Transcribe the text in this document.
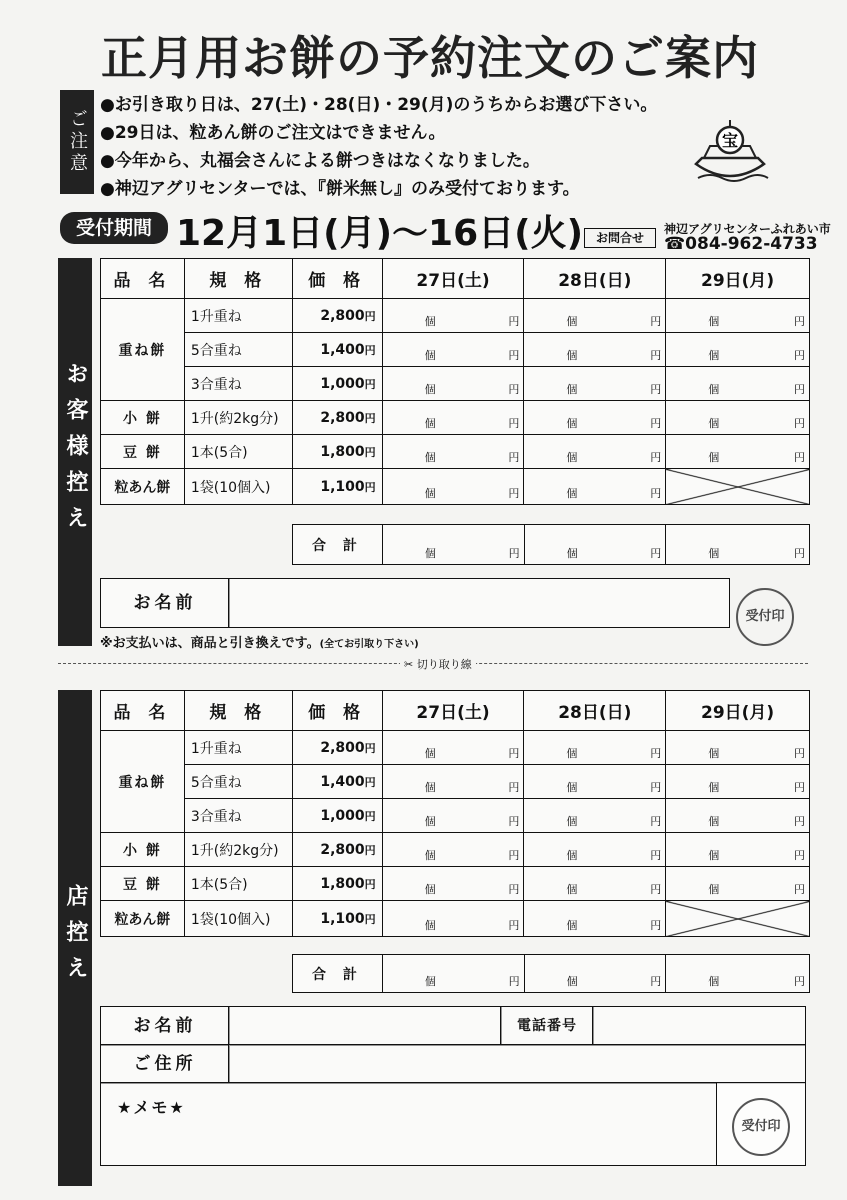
正月用お餅の予約注文のご案内
ご注意
●お引き取り日は、27(土)・28(日)・29(月)のうちからお選び下さい。
●29日は、粒あん餅のご注文はできません。
●今年から、丸福会さんによる餅つきはなくなりました。
●神辺アグリセンターでは、『餅米無し』のみ受付ております。
宝
受付期間 12月1日(月)〜16日(火)	お問合せ
神辺アグリセンターふれあい市
☎084-962-4733
お客様控え
品 名	規 格	価 格	27日(土)	28日(日)	29日(月)
重ね餅	1升重ね	2,800円	個 円	個 円	個 円

	5合重ね	1,400円	個 円	個 円	個 円

	3合重ね	1,000円	個 円	個 円	個 円

小 餅	1升(約2kg分)	2,800円	個 円	個 円	個 円

豆 餅	1本(5合)	1,800円	個 円	個 円	個 円

粒あん餅	1袋(10個入)	1,100円	個 円	個 円	

合 計	個	円	個	円	個	円
お名前
受付印
※お支払いは、商品と引き換えです。(全てお引取り下さい)
✂ 切り取り線
店控え
品 名	規 格	価 格	27日(土)	28日(日)	29日(月)
重ね餅	1升重ね	2,800円	個 円	個 円	個 円

	5合重ね	1,400円	個 円	個 円	個 円

	3合重ね	1,000円	個 円	個 円	個 円

小 餅	1升(約2kg分)	2,800円	個 円	個 円	個 円

豆 餅	1本(5合)	1,800円	個 円	個 円	個 円

粒あん餅	1袋(10個入)	1,100円	個 円	個 円	

合 計	個	円	個	円	個	円
お名前	電話番号
ご住所
★メモ★
受付印
